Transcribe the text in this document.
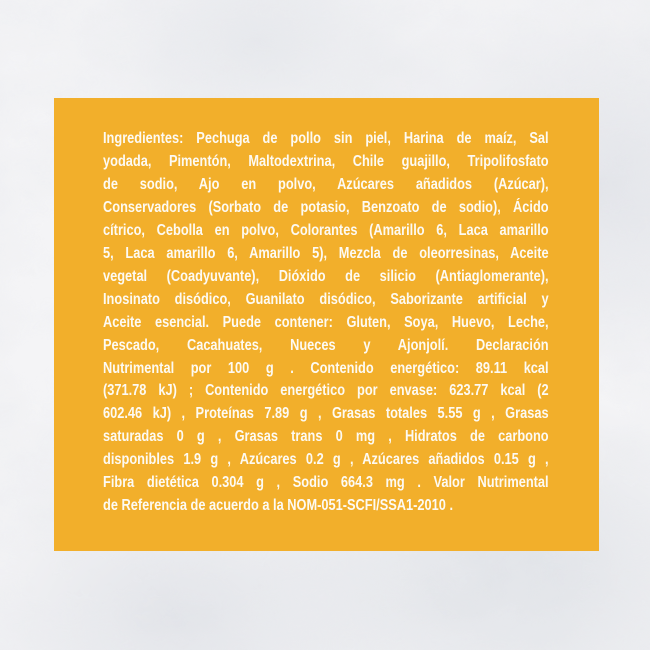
Ingredientes: Pechuga de pollo sin piel, Harina de maíz, Sal
yodada, Pimentón, Maltodextrina, Chile guajillo, Tripolifosfato
de sodio, Ajo en polvo, Azúcares añadidos (Azúcar),
Conservadores (Sorbato de potasio, Benzoato de sodio), Ácido
cítrico, Cebolla en polvo, Colorantes (Amarillo 6, Laca amarillo
5, Laca amarillo 6, Amarillo 5), Mezcla de oleorresinas, Aceite
vegetal (Coadyuvante), Dióxido de silicio (Antiaglomerante),
Inosinato disódico, Guanilato disódico, Saborizante artificial y
Aceite esencial. Puede contener: Gluten, Soya, Huevo, Leche,
Pescado, Cacahuates, Nueces y Ajonjolí. Declaración
Nutrimental por 100 g . Contenido energético: 89.11 kcal
(371.78 kJ) ; Contenido energético por envase: 623.77 kcal (2
602.46 kJ) , Proteínas 7.89 g , Grasas totales 5.55 g , Grasas
saturadas 0 g , Grasas trans 0 mg , Hidratos de carbono
disponibles 1.9 g , Azúcares 0.2 g , Azúcares añadidos 0.15 g ,
Fibra dietética 0.304 g , Sodio 664.3 mg . Valor Nutrimental
de Referencia de acuerdo a la NOM-051-SCFI/SSA1-2010 .
